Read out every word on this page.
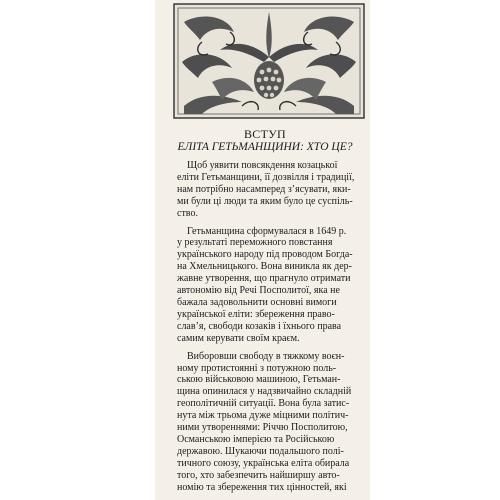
ВСТУП
ЕЛІТА ГЕТЬМАНЩИНИ: ХТО ЦЕ?
Щоб уявити повсякдення козацької
еліти Гетьманщини, її дозвілля і традиції,
нам потрібно насамперед з’ясувати, яки-
ми були ці люди та яким було це суспіль-
ство.
Гетьманщина сформувалася в 1649 р.
у результаті переможного повстання
українського народу під проводом Богда-
на Хмельницького. Вона виникла як дер-
жавне утворення, що прагнуло отримати
автономію від Речі Посполитої, яка не
бажала задовольнити основні вимоги
української еліти: збереження право-
слав’я, свободи козаків і їхнього права
самим керувати своїм краєм.
Виборовши свободу в тяжкому воєн-
ному протистоянні з потужною поль-
ською військовою машиною, Гетьман-
щина опинилася у надзвичайно складній
геополітичній ситуації. Вона була затис-
нута між трьома дуже міцними політич-
ними утвореннями: Річчю Посполитою,
Османською імперією та Російською
державою. Шукаючи подальшого полі-
тичного союзу, українська еліта обирала
того, хто забезпечить найширшу авто-
номію та збереження тих цінностей, які
